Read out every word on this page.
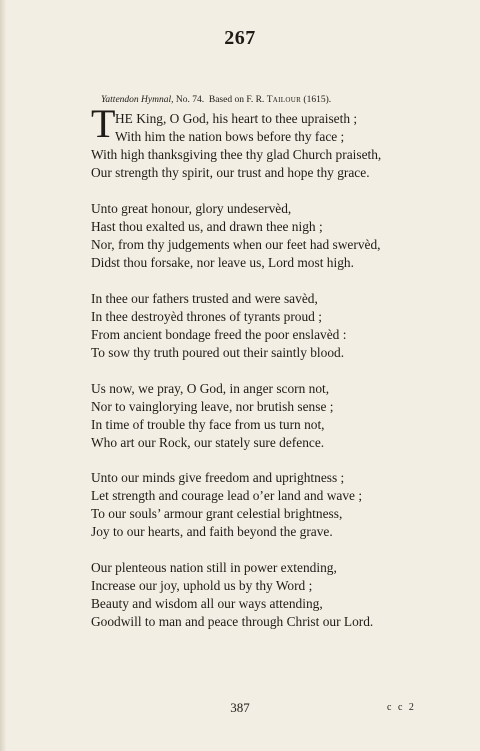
267
Yattendon Hymnal, No. 74.  Based on F. R. Tailour (1615).
T HE King, O God, his heart to thee upraiseth ;
With him the nation bows before thy face ;
With high thanksgiving thee thy glad Church praiseth,
Our strength thy spirit, our trust and hope thy grace.
Unto great honour, glory undeservèd,
Hast thou exalted us, and drawn thee nigh ;
Nor, from thy judgements when our feet had swervèd,
Didst thou forsake, nor leave us, Lord most high.
In thee our fathers trusted and were savèd,
In thee destroyèd thrones of tyrants proud ;
From ancient bondage freed the poor enslavèd :
To sow thy truth poured out their saintly blood.
Us now, we pray, O God, in anger scorn not,
Nor to vainglorying leave, nor brutish sense ;
In time of trouble thy face from us turn not,
Who art our Rock, our stately sure defence.
Unto our minds give freedom and uprightness ;
Let strength and courage lead o’er land and wave ;
To our souls’ armour grant celestial brightness,
Joy to our hearts, and faith beyond the grave.
Our plenteous nation still in power extending,
Increase our joy, uphold us by thy Word ;
Beauty and wisdom all our ways attending,
Goodwill to man and peace through Christ our Lord.
387	c c 2
